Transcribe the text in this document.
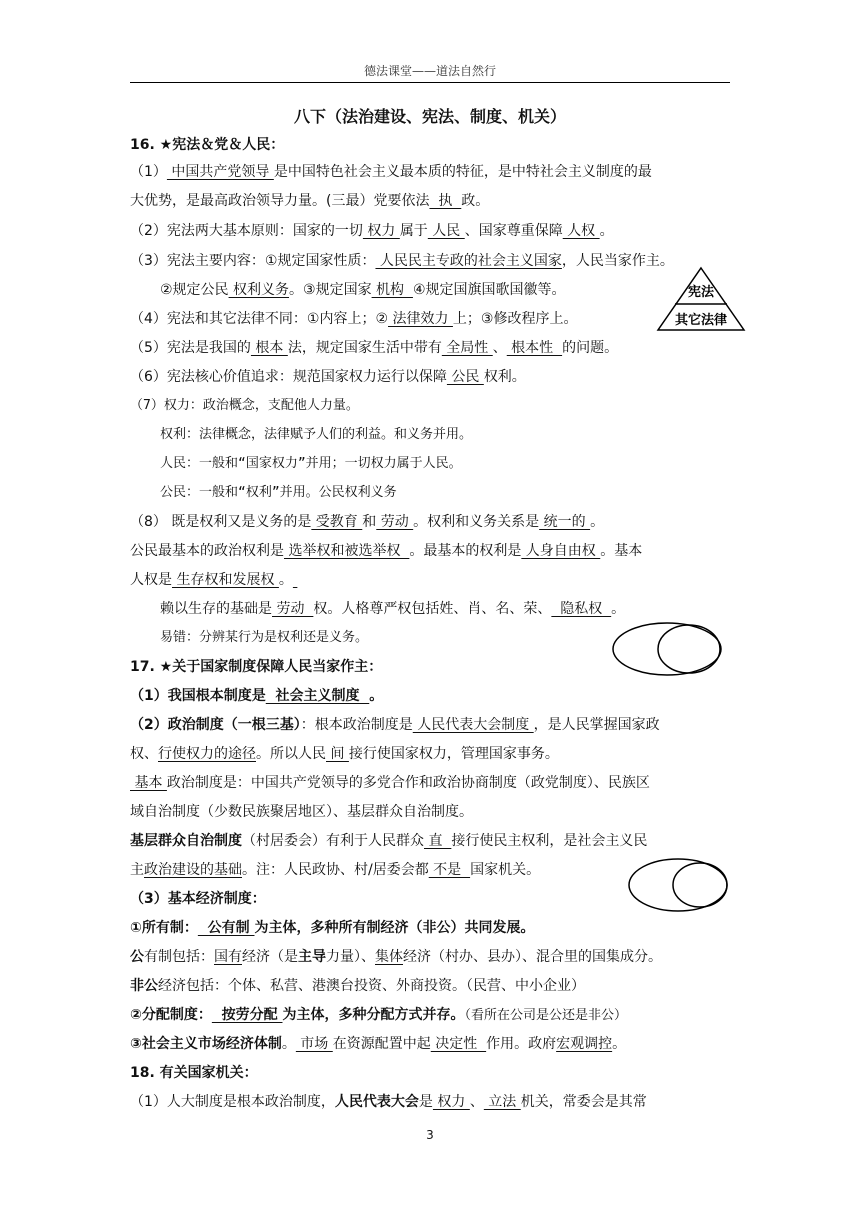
德法课堂——道法自然行
八下（法治建设、宪法、制度、机关）
16. ★宪法＆党＆人民：
（1） 中国共产党领导 是中国特色社会主义最本质的特征，是中特社会主义制度的最
大优势，是最高政治领导力量。(三最）党要依法  执  政。
（2）宪法两大基本原则：国家的一切 权力 属于 人民 、国家尊重保障 人权 。
（3）宪法主要内容：①规定国家性质： 人民民主专政的社会主义国家，人民当家作主。
②规定公民 权利义务。③规定国家 机构  ④规定国旗国歌国徽等。
（4）宪法和其它法律不同：①内容上；② 法律效力 上；③修改程序上。
宪法
其它法律
（5）宪法是我国的 根本 法，规定国家生活中带有 全局性 、 根本性  的问题。
（6）宪法核心价值追求：规范国家权力运行以保障 公民 权利。
（7）权力：政治概念，支配他人力量。
权利：法律概念，法律赋予人们的利益。和义务并用。
人民：一般和“国家权力”并用；一切权力属于人民。
公民：一般和“权利”并用。公民权利义务
（8） 既是权利又是义务的是 受教育 和 劳动 。权利和义务关系是 统一的 。
公民最基本的政治权利是 选举权和被选举权  。最基本的权利是 人身自由权 。基本
人权是 生存权和发展权 。
赖以生存的基础是 劳动  权。人格尊严权包括姓、肖、名、荣、  隐私权  。
易错：分辨某行为是权利还是义务。
17. ★关于国家制度保障人民当家作主：
（1）我国根本制度是  社会主义制度  。
（2）政治制度（一根三基）：根本政治制度是 人民代表大会制度 ，是人民掌握国家政
权、行使权力的途径。所以人民 间 接行使国家权力，管理国家事务。
基本 政治制度是：中国共产党领导的多党合作和政治协商制度（政党制度）、民族区
域自治制度（少数民族聚居地区）、基层群众自治制度。
基层群众自治制度（村居委会）有利于人民群众 直  接行使民主权利，是社会主义民
主政治建设的基础。注：人民政协、村/居委会都 不是  国家机关。
（3）基本经济制度：
①所有制：  公有制 为主体，多种所有制经济（非公）共同发展。
公有制包括：国有经济（是主导力量）、集体经济（村办、县办）、混合里的国集成分。
非公经济包括：个体、私营、港澳台投资、外商投资。（民营、中小企业）
②分配制度：  按劳分配 为主体，多种分配方式并存。（看所在公司是公还是非公）
③社会主义市场经济体制。 市场 在资源配置中起 决定性  作用。政府宏观调控。
18. 有关国家机关：
（1）人大制度是根本政治制度，人民代表大会是 权力 、 立法 机关，常委会是其常
3
